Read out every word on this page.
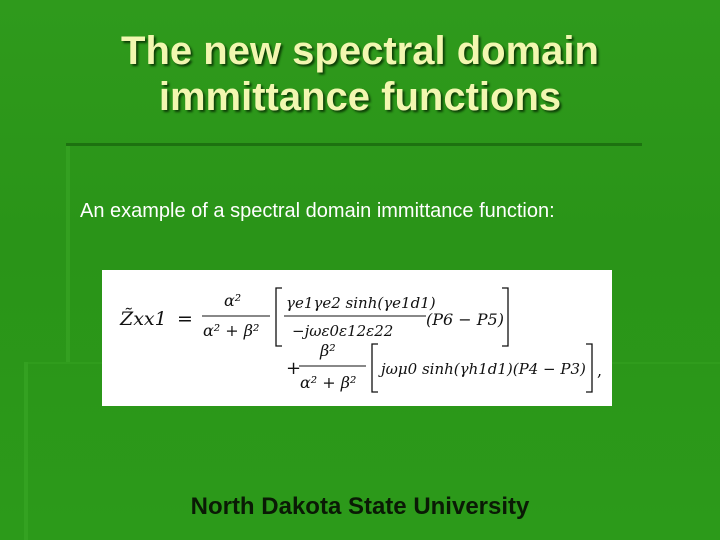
The new spectral domain immittance functions
An example of a spectral domain immittance function:
Z̃xx1 =
α²
α² + β²
γe1γe2 sinh(γe1d1)
−jωε0ε12ε22
(P6 − P5)
+
β²
α² + β²
jωμ0 sinh(γh1d1)(P4 − P3) ,
North Dakota State University
